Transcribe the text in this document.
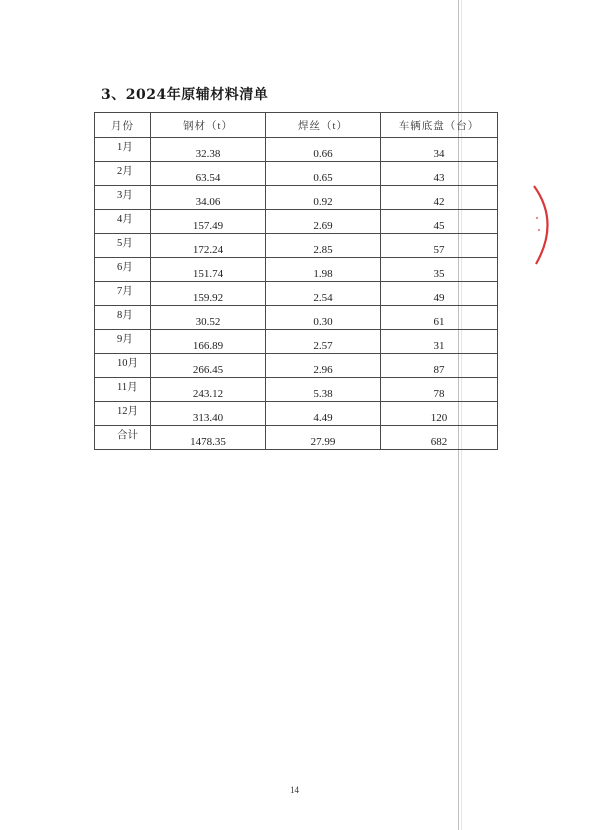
3、2024年原辅材料清单
月份	钢材（t）	焊丝（t）	车辆底盘（台）
1月	32.38	0.66	34
2月	63.54	0.65	43
3月	34.06	0.92	42
4月	157.49	2.69	45
5月	172.24	2.85	57
6月	151.74	1.98	35
7月	159.92	2.54	49
8月	30.52	0.30	61
9月	166.89	2.57	31
10月	266.45	2.96	87
11月	243.12	5.38	78
12月	313.40	4.49	120
合计	1478.35	27.99	682
14
